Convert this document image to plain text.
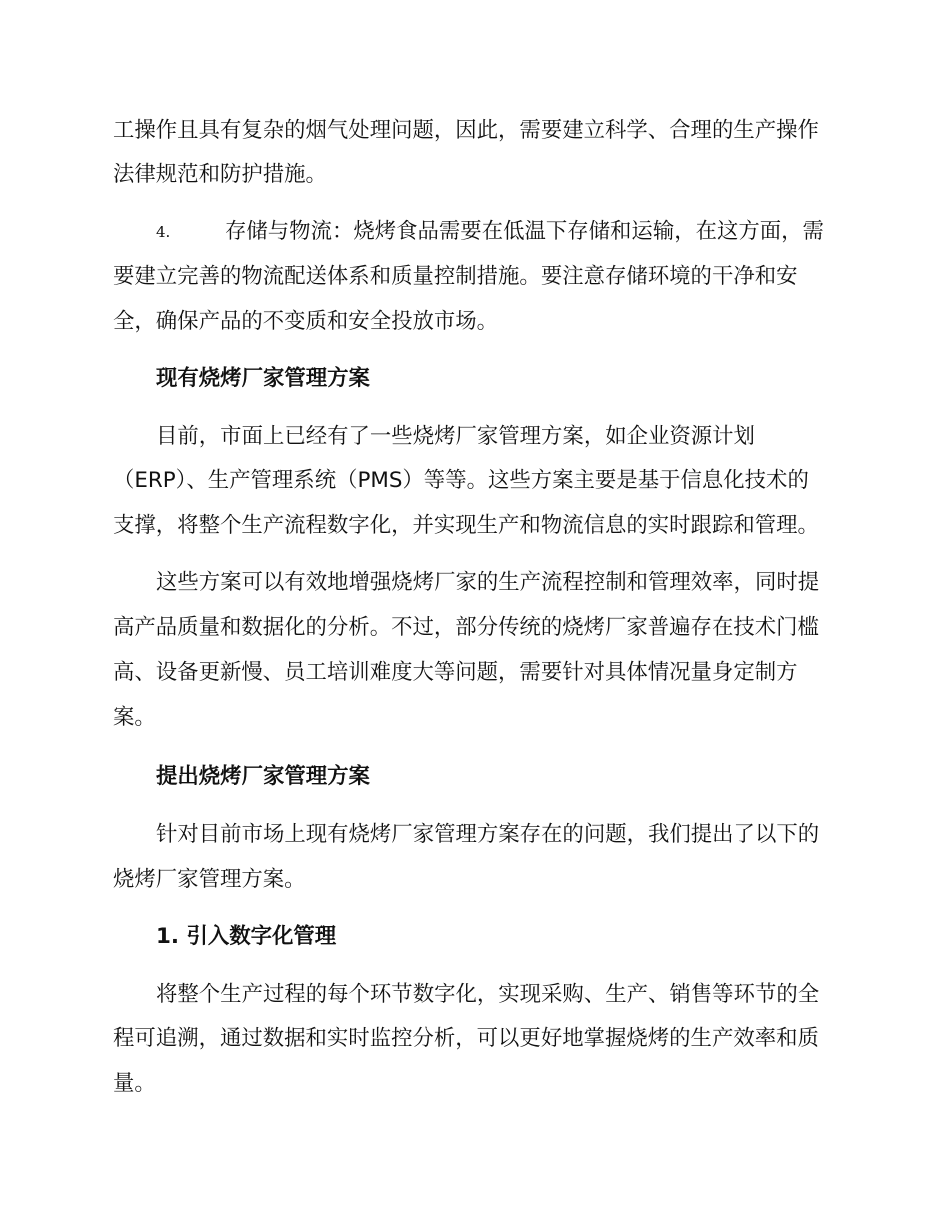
工操作且具有复杂的烟气处理问题，因此，需要建立科学、合理的生产操作
法律规范和防护措施。
4.	存储与物流：烧烤食品需要在低温下存储和运输，在这方面，需
要建立完善的物流配送体系和质量控制措施。要注意存储环境的干净和安
全，确保产品的不变质和安全投放市场。
现有烧烤厂家管理方案
目前，市面上已经有了一些烧烤厂家管理方案，如企业资源计划
（ERP）、生产管理系统（PMS）等等。这些方案主要是基于信息化技术的
支撑，将整个生产流程数字化，并实现生产和物流信息的实时跟踪和管理。
这些方案可以有效地增强烧烤厂家的生产流程控制和管理效率，同时提
高产品质量和数据化的分析。不过，部分传统的烧烤厂家普遍存在技术门槛
高、设备更新慢、员工培训难度大等问题，需要针对具体情况量身定制方
案。
提出烧烤厂家管理方案
针对目前市场上现有烧烤厂家管理方案存在的问题，我们提出了以下的
烧烤厂家管理方案。
1. 引入数字化管理
将整个生产过程的每个环节数字化，实现采购、生产、销售等环节的全
程可追溯，通过数据和实时监控分析，可以更好地掌握烧烤的生产效率和质
量。
